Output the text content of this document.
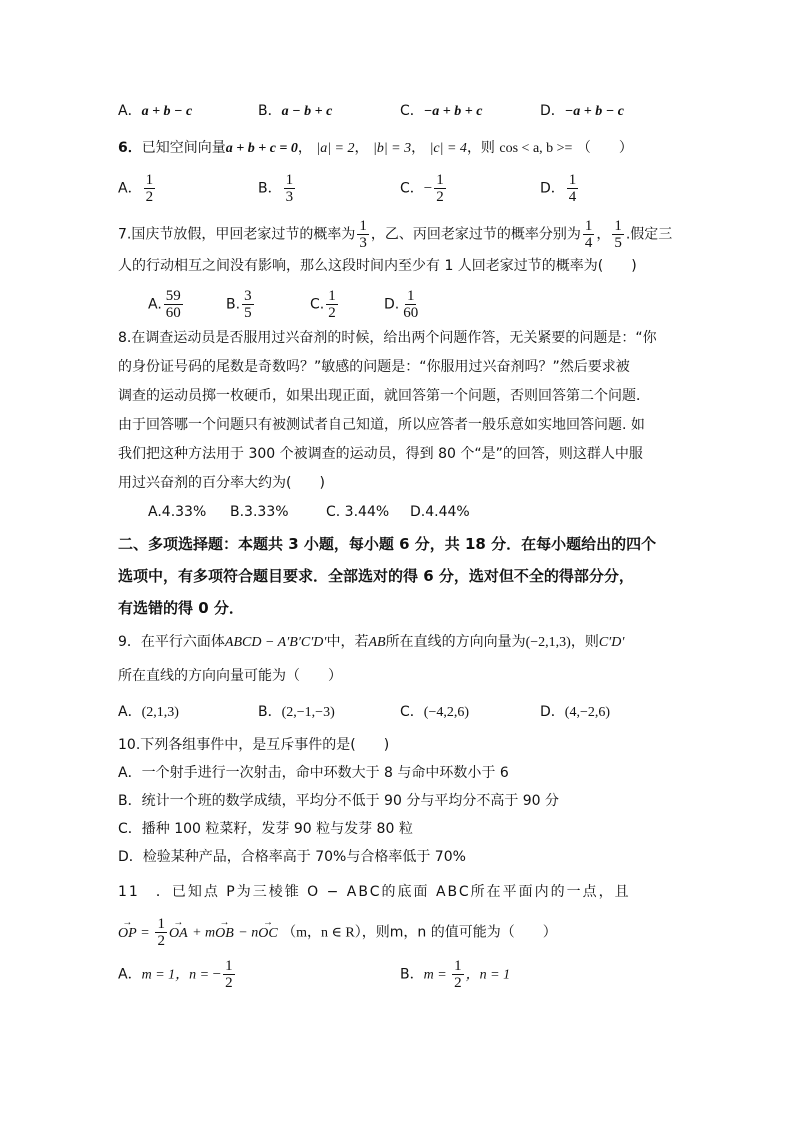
A．a + b − c	B．a − b + c	C．−a + b + c	D．−a + b − c
6．已知空间向量a + b + c = 0， |a| = 2， |b| = 3， |c| = 4，则 cos < a, b >= （　　）
A． $\frac{1}{2}$	B． $\frac{1}{3}$	C．− $\frac{1}{2}$	D． $\frac{1}{4}$
7.国庆节放假，甲回老家过节的概率为 $\frac{1}{3}$ ，乙、丙回老家过节的概率分别为 $\frac{1}{4}$ ， $\frac{1}{5}$ .假定三
人的行动相互之间没有影响，那么这段时间内至少有 1 人回老家过节的概率为(　　)
A. $\frac{59}{60}$	B. $\frac{3}{5}$	C. $\frac{1}{2}$	D. $\frac{1}{60}$
8.在调查运动员是否服用过兴奋剂的时候，给出两个问题作答，无关紧要的问题是：“你
的身份证号码的尾数是奇数吗？”敏感的问题是：“你服用过兴奋剂吗？”然后要求被
调查的运动员掷一枚硬币，如果出现正面，就回答第一个问题，否则回答第二个问题．
由于回答哪一个问题只有被测试者自己知道，所以应答者一般乐意如实地回答问题. 如
我们把这种方法用于 300 个被调查的运动员，得到 80 个“是”的回答，则这群人中服
用过兴奋剂的百分率大约为(　　)
A.4.33% B.3.33%	C. 3.44% D.4.44%
二、多项选择题：本题共 3 小题，每小题 6 分，共 18 分．在每小题给出的四个
选项中，有多项符合题目要求．全部选对的得 6 分，选对但不全的得部分分，
有选错的得 0 分．
9．在平行六面体ABCD − A′B′C′D′中，若AB所在直线的方向向量为(−2,1,3)，则C′D′
所在直线的方向向量可能为（　　）
A．(2,1,3)	B．(2,−1,−3)	C．(−4,2,6)	D．(4,−2,6)
10.下列各组事件中，是互斥事件的是(　　)
A．一个射手进行一次射击，命中环数大于 8 与命中环数小于 6
B．统计一个班的数学成绩，平均分不低于 90 分与平均分不高于 90 分
C．播种 100 粒菜籽，发芽 90 粒与发芽 80 粒
D．检验某种产品，合格率高于 70%与合格率低于 70%
11　．已知点 P为三棱锥 O − ABC的底面 ABC所在平面内的一点，且
→ OP = $\frac{1}{2}$
→ OA + m→ OB − n→ OC （m，n ∈ R），则m，n 的值可能为（　　）
A．m = 1，n = − $\frac{1}{2}$	B．$m = \frac{1}{2}$ ，n = 1
